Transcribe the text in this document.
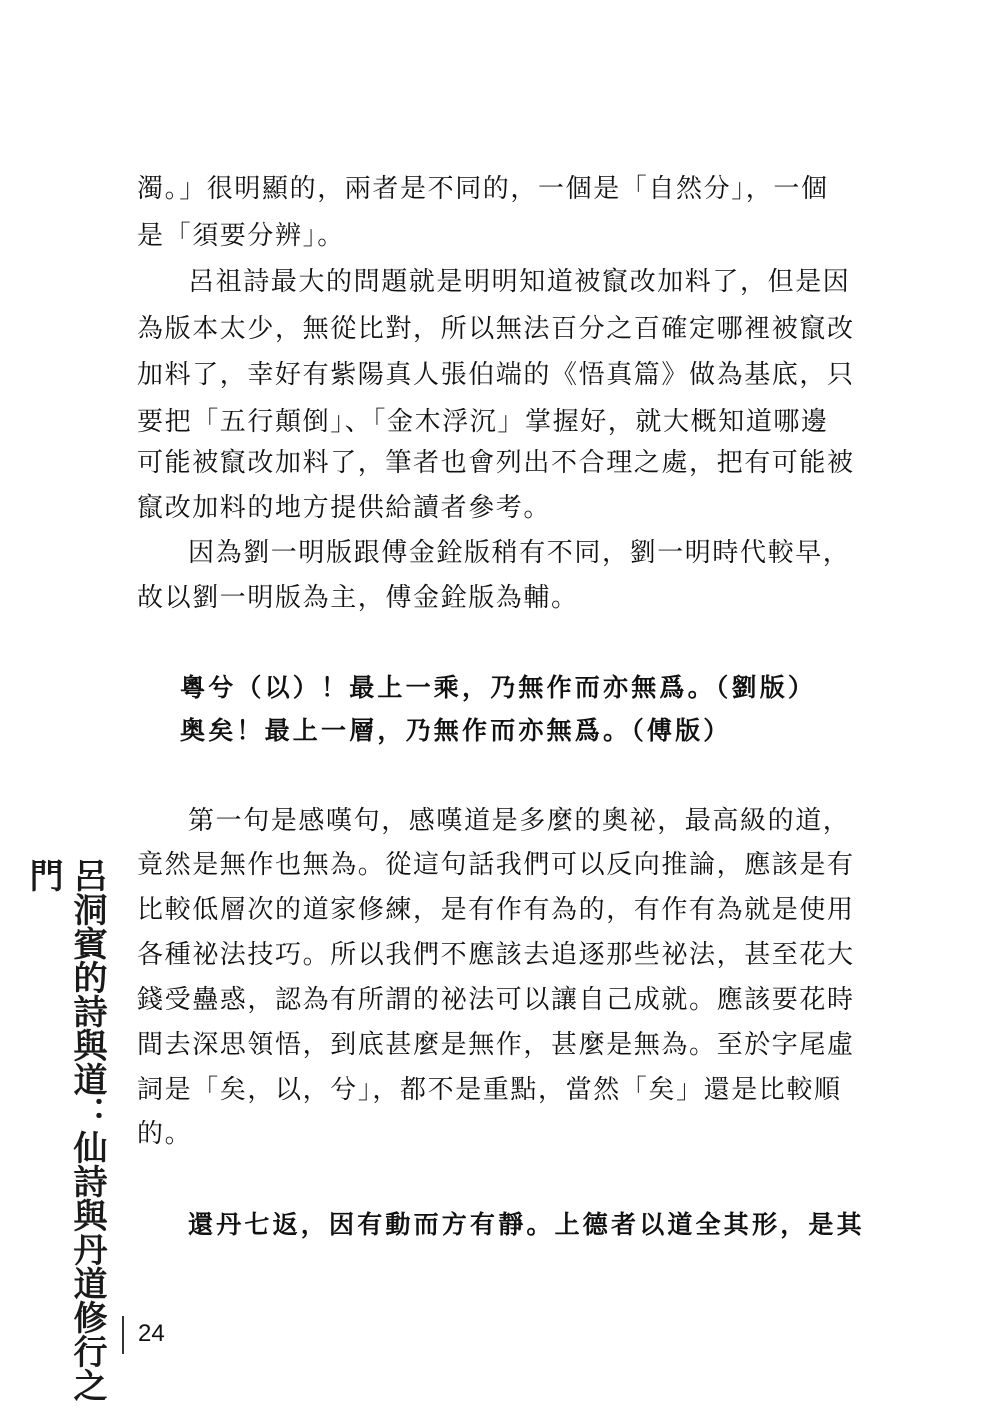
濁。」很明顯的，兩者是不同的，一個是「自然分」，一個
是「須要分辨」。
呂祖詩最大的問題就是明明知道被竄改加料了，但是因
為版本太少，無從比對，所以無法百分之百確定哪裡被竄改
加料了，幸好有紫陽真人張伯端的《悟真篇》做為基底，只
要把「五行顛倒」、「金木浮沉」掌握好，就大概知道哪邊
可能被竄改加料了，筆者也會列出不合理之處，把有可能被
竄改加料的地方提供給讀者參考。
因為劉一明版跟傅金銓版稍有不同，劉一明時代較早，
故以劉一明版為主，傅金銓版為輔。
粵兮（以）！最上一乘，乃無作而亦無爲。（劉版）
奥矣！最上一層，乃無作而亦無爲。（傅版）
第一句是感嘆句，感嘆道是多麼的奧祕，最高級的道，
竟然是無作也無為。從這句話我們可以反向推論，應該是有
比較低層次的道家修練，是有作有為的，有作有為就是使用
各種祕法技巧。所以我們不應該去追逐那些祕法，甚至花大
錢受蠱惑，認為有所謂的祕法可以讓自己成就。應該要花時
間去深思領悟，到底甚麼是無作，甚麼是無為。至於字尾虛
詞是「矣，以，兮」，都不是重點，當然「矣」還是比較順
的。
還丹七返，因有動而方有靜。上德者以道全其形，是其
呂洞賓的詩與道：仙詩與丹道修行之門
24
